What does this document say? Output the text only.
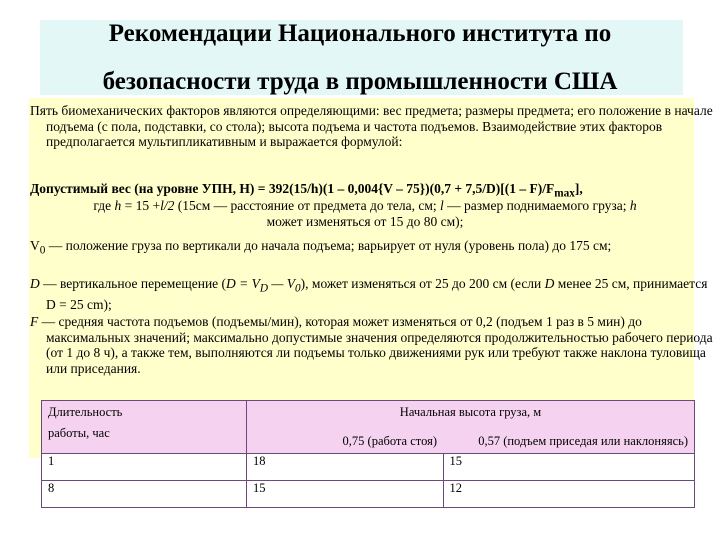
Рекомендации Национального института по
безопасности труда в промышленности США
Пять биомеханических факторов являются определяющими: вес предмета; размеры предмета; его положение в начале подъема (с пола, подставки, со стола); высота подъема и частота подъемов. Взаимодействие этих факторов предполагается мультипликативным и выражается формулой:
Допустимый вес (на уровне УПН, $Н) = 392(15/h)(1 - 0,004\{V - 75\})(0,7 + 7,5/D)[(1 - F)/F_{max}]$,
где h = 15 +l/2 (15см — расстояние от предмета до тела, см; l — размер поднимаемого груза; h
может изменяться от 15 до 80 см);
$V_0$ — положение груза по вертикали до начала подъема; варьирует от нуля (уровень пола) до 175 см;
D — вертикальное перемещение ($D = V_D$ — $V_0$), может изменяться от 25 до 200 см (если D менее 25 см, принимается D = 25 cm);
F — средняя частота подъемов (подъемы/мин), которая может изменяться от 0,2 (подъем 1 раз в 5 мин) до максимальных значений; максимально допустимые значения определяются продолжительностью рабочего периода (от 1 до 8 ч), а также тем, выполняются ли подъемы только движениями рук или требуют также наклона туловища или приседания.
Длительность
работы, час	Начальная высота груза, м	
	0,75 (работа стоя)	0,57 (подъем приседая или наклоняясь)
1	18	15
8	15	12
